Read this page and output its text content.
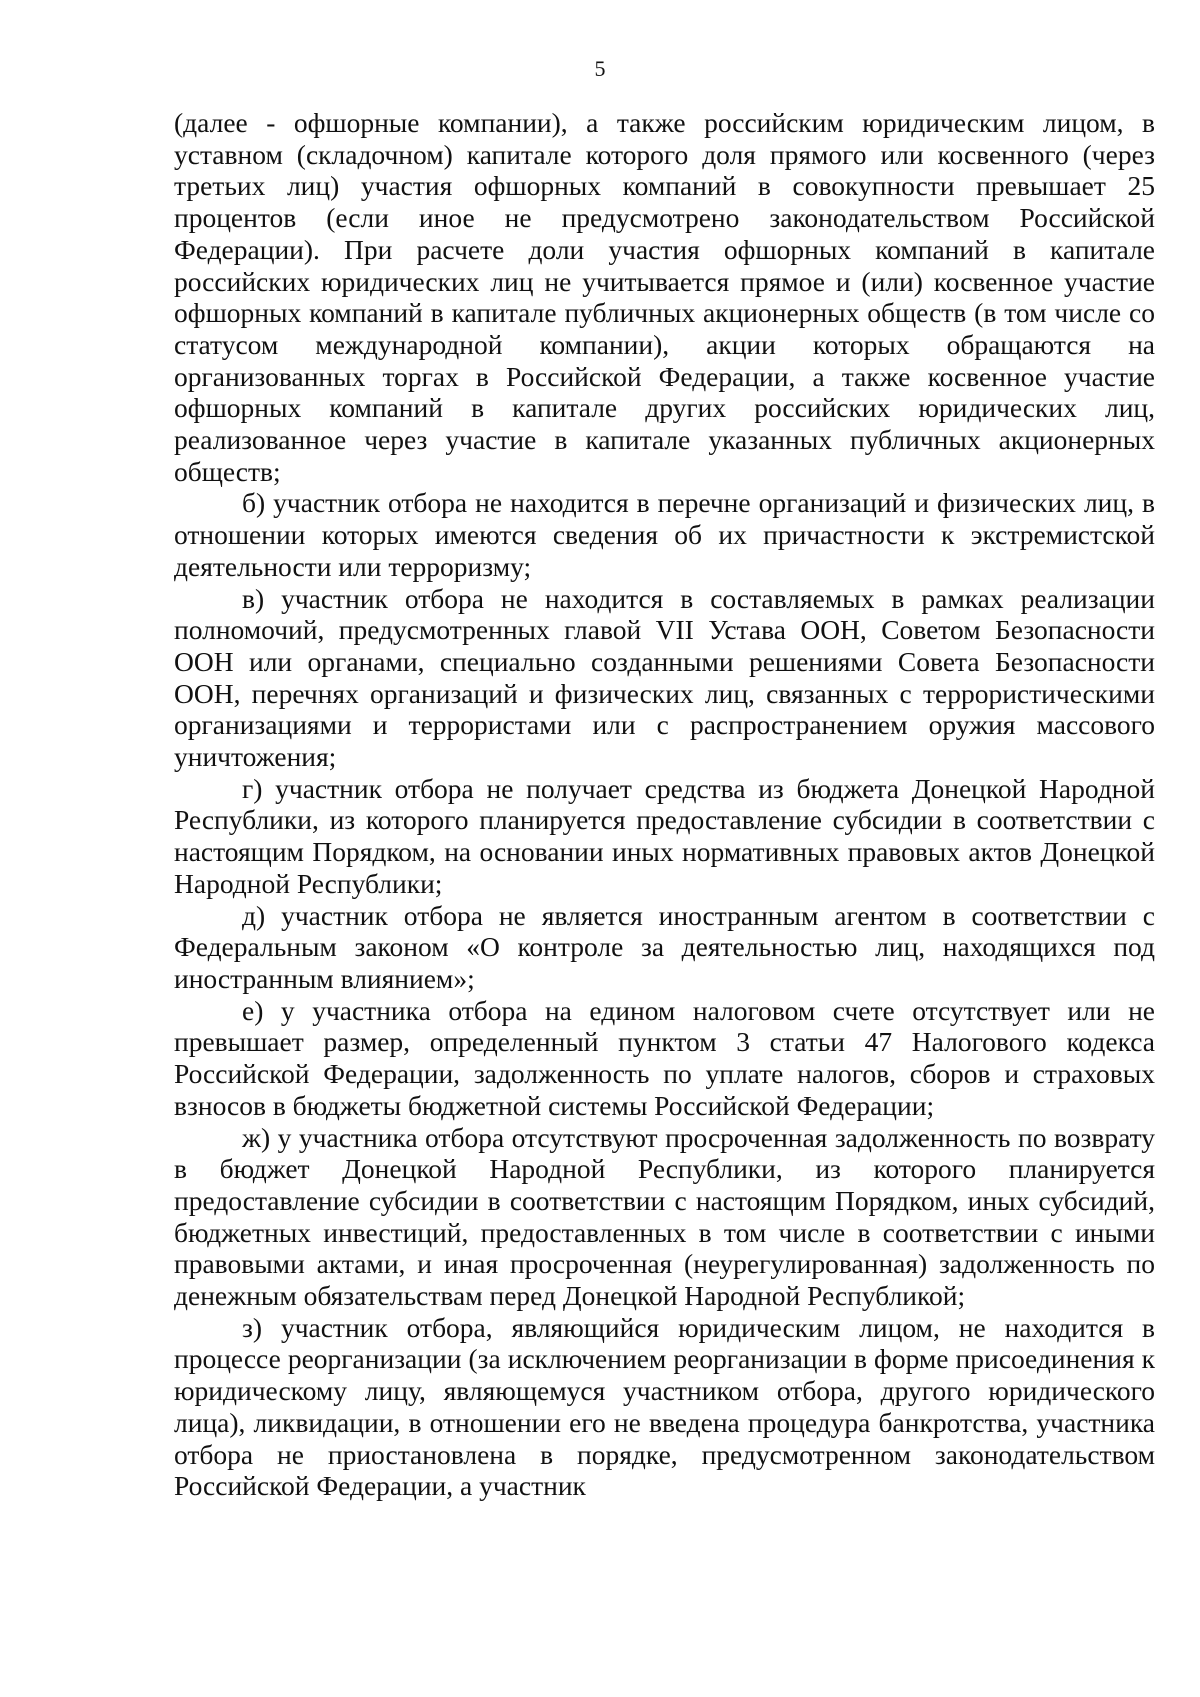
5

(далее - офшорные компании), а также российским юридическим лицом, в уставном (складочном) капитале которого доля прямого или косвенного (через третьих лиц) участия офшорных компаний в совокупности превышает 25 процентов (если иное не предусмотрено законодательством Российской Федерации). При расчете доли участия офшорных компаний в капитале российских юридических лиц не учитывается прямое и (или) косвенное участие офшорных компаний в капитале публичных акционерных обществ (в том числе со статусом международной компании), акции которых обращаются на организованных торгах в Российской Федерации, а также косвенное участие офшорных компаний в капитале других российских юридических лиц, реализованное через участие в капитале указанных публичных акционерных обществ;

б) участник отбора не находится в перечне организаций и физических лиц, в отношении которых имеются сведения об их причастности к экстремистской деятельности или терроризму;

в) участник отбора не находится в составляемых в рамках реализации полномочий, предусмотренных главой VII Устава ООН, Советом Безопасности ООН или органами, специально созданными решениями Совета Безопасности ООН, перечнях организаций и физических лиц, связанных с террористическими организациями и террористами или с распространением оружия массового уничтожения;

г) участник отбора не получает средства из бюджета Донецкой Народной Республики, из которого планируется предоставление субсидии в соответствии с настоящим Порядком, на основании иных нормативных правовых актов Донецкой Народной Республики;

д) участник отбора не является иностранным агентом в соответствии с Федеральным законом «О контроле за деятельностью лиц, находящихся под иностранным влиянием»;

е) у участника отбора на едином налоговом счете отсутствует или не превышает размер, определенный пунктом 3 статьи 47 Налогового кодекса Российской Федерации, задолженность по уплате налогов, сборов и страховых взносов в бюджеты бюджетной системы Российской Федерации;

ж) у участника отбора отсутствуют просроченная задолженность по возврату в бюджет Донецкой Народной Республики, из которого планируется предоставление субсидии в соответствии с настоящим Порядком, иных субсидий, бюджетных инвестиций, предоставленных в том числе в соответствии с иными правовыми актами, и иная просроченная (неурегулированная) задолженность по денежным обязательствам перед Донецкой Народной Республикой;

з) участник отбора, являющийся юридическим лицом, не находится в процессе реорганизации (за исключением реорганизации в форме присоединения к юридическому лицу, являющемуся участником отбора, другого юридического лица), ликвидации, в отношении его не введена процедура банкротства, участника отбора не приостановлена в порядке, предусмотренном законодательством Российской Федерации, а участник
